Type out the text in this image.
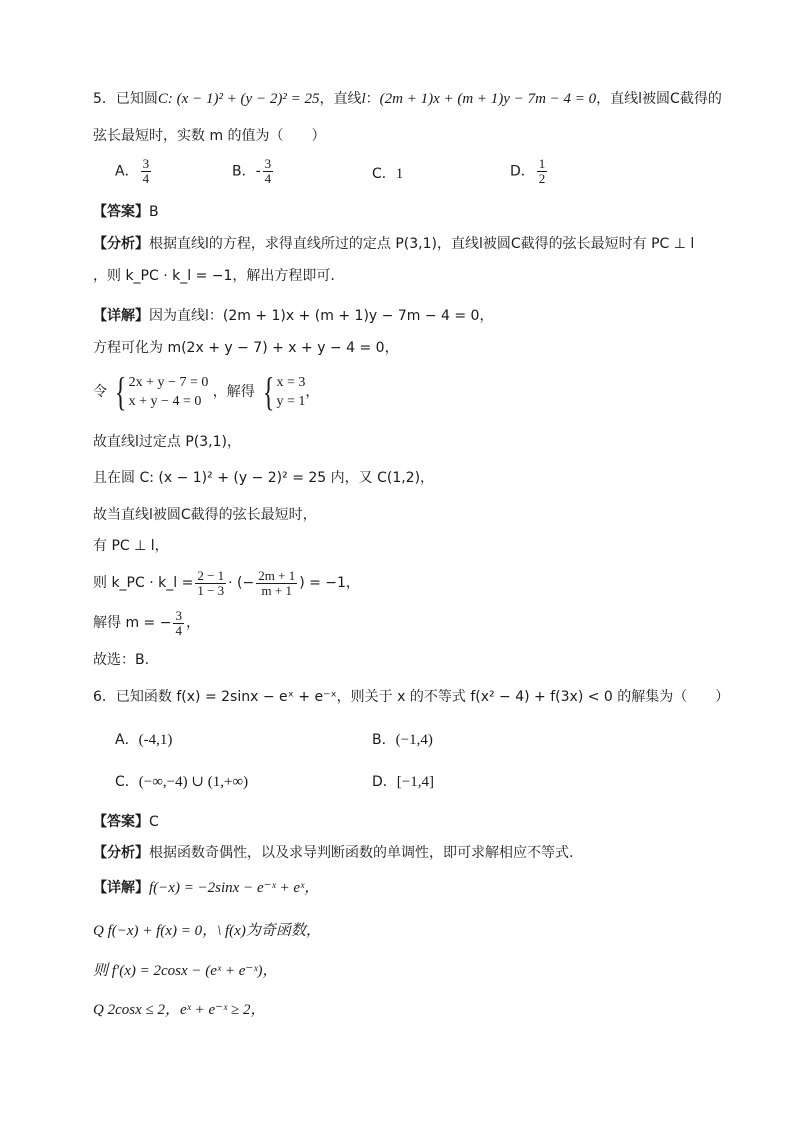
5．已知圆C: (x − 1)² + (y − 2)² = 25，直线l：(2m + 1)x + (m + 1)y − 7m − 4 = 0，直线l被圆C截得的
弦长最短时，实数 m 的值为（　　）
A． $\frac{3}{4}$	B．- $\frac{3}{4}$	C．1	D． $\frac{1}{2}$
【答案】B
【分析】根据直线l的方程，求得直线所过的定点 P(3,1)，直线l被圆C截得的弦长最短时有 PC ⊥ l
，则 k_PC · k_l = −1，解出方程即可.
【详解】因为直线l：(2m + 1)x + (m + 1)y − 7m − 4 = 0，
方程可化为 m(2x + y − 7) + x + y − 4 = 0，
令 { 2x + y − 7 = 0
x + y − 4 = 0
，解得 { x = 3
y = 1
，
故直线l过定点 P(3,1)，
且在圆 C: (x − 1)² + (y − 2)² = 25 内，又 C(1,2)，
故当直线l被圆C截得的弦长最短时，
有 PC ⊥ l，
则 k_PC · k_l = $\frac{2 - 1}{1 - 3}$ · (− $\frac{2m + 1}{m + 1}$ ) = −1，
解得 m = − $\frac{3}{4}$ ，
故选：B.
6．已知函数 f(x) = 2sinx − eˣ + e⁻ˣ，则关于 x 的不等式 f(x² − 4) + f(3x) < 0 的解集为（　　）
A．(-4,1)	B．(−1,4)
C．(−∞,−4) ∪ (1,+∞)	D．[−1,4]
【答案】C
【分析】根据函数奇偶性，以及求导判断函数的单调性，即可求解相应不等式.
【详解】f(−x) = −2sinx − e⁻ˣ + eˣ，
Q f(−x) + f(x) = 0，\ f(x)为奇函数，
则 f′(x) = 2cosx − (eˣ + e⁻ˣ)，
Q 2cosx ≤ 2，eˣ + e⁻ˣ ≥ 2，
